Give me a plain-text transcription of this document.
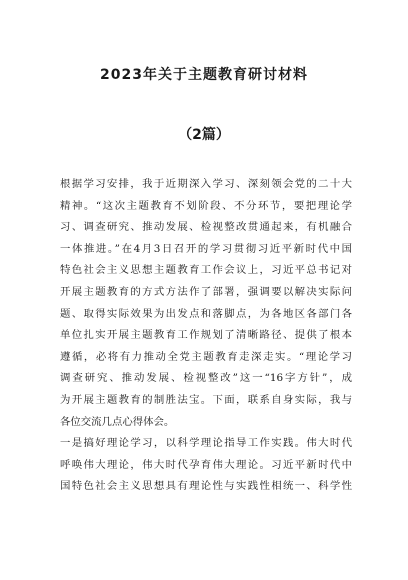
2023年关于主题教育研讨材料
（2篇）
根据学习安排，我于近期深入学习、深刻领会党的二十大
精神。“这次主题教育不划阶段、不分环节，要把理论学
习、调查研究、推动发展、检视整改贯通起来，有机融合
一体推进。”在4月3日召开的学习贯彻习近平新时代中国
特色社会主义思想主题教育工作会议上，习近平总书记对
开展主题教育的方式方法作了部署，强调要以解决实际问
题、取得实际效果为出发点和落脚点，为各地区各部门各
单位扎实开展主题教育工作规划了清晰路径、提供了根本
遵循，必将有力推动全党主题教育走深走实。“理论学习
调查研究、推动发展、检视整改”这一“16字方针”，成
为开展主题教育的制胜法宝。下面，联系自身实际，我与
各位交流几点心得体会。
一是搞好理论学习，以科学理论指导工作实践。伟大时代
呼唤伟大理论，伟大时代孕育伟大理论。习近平新时代中
国特色社会主义思想具有理论性与实践性相统一、科学性
